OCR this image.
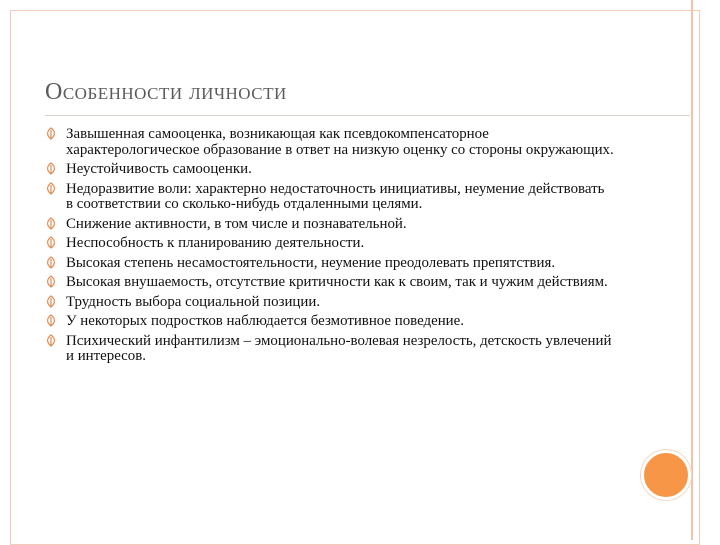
Особенности личности
Завышенная самооценка, возникающая как псевдокомпенсаторное характерологическое образование в ответ на низкую оценку со стороны окружающих.
Неустойчивость самооценки.
Недоразвитие воли: характерно недостаточность инициативы, неумение действовать в соответствии со сколько-нибудь отдаленными целями.
Снижение активности, в том числе и познавательной.
Неспособность к планированию деятельности.
Высокая степень несамостоятельности, неумение преодолевать препятствия.
Высокая внушаемость, отсутствие критичности как к своим, так и чужим действиям.
Трудность выбора социальной позиции.
У некоторых подростков наблюдается безмотивное поведение.
Психический инфантилизм – эмоционально-волевая незрелость, детскость увлечений и интересов.
